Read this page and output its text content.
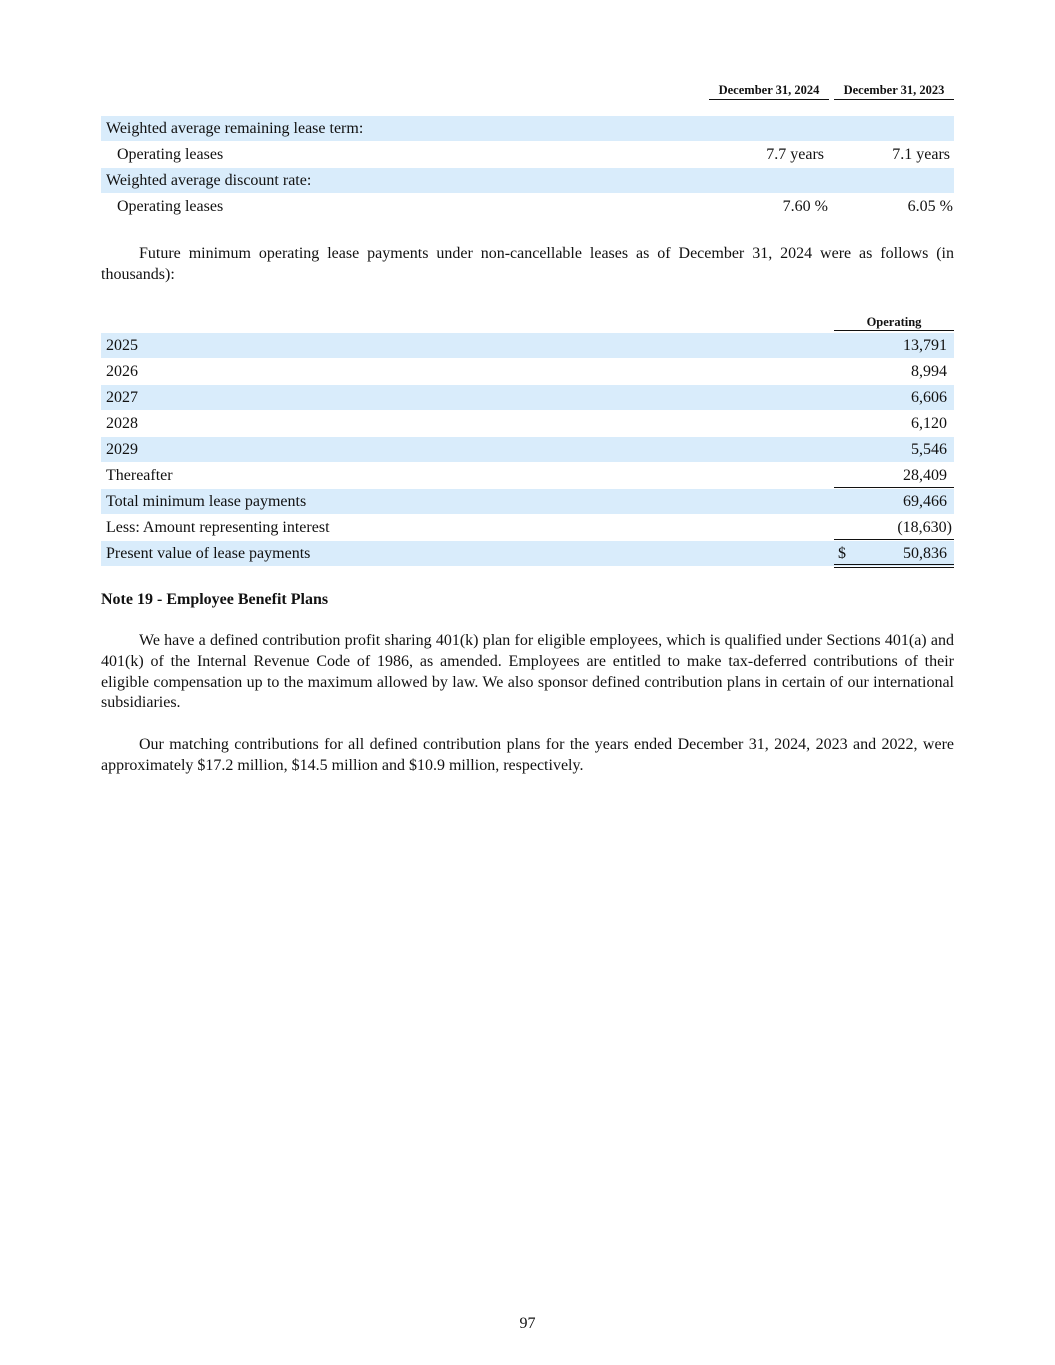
December 31, 2024	December 31, 2023
Weighted average remaining lease term:
Operating leases	7.7 years	7.1 years
Weighted average discount rate:
Operating leases	7.60 %	6.05 %
Future minimum operating lease payments under non-cancellable leases as of December 31, 2024 were as follows (in thousands):
Operating
2025	13,791
2026	8,994
2027	6,606
2028	6,120
2029	5,546
Thereafter	28,409
Total minimum lease payments	69,466
Less: Amount representing interest	(18,630)
Present value of lease payments	$	50,836
Note 19 - Employee Benefit Plans
We have a defined contribution profit sharing 401(k) plan for eligible employees, which is qualified under Sections 401(a) and 401(k) of the Internal Revenue Code of 1986, as amended. Employees are entitled to make tax-deferred contributions of their eligible compensation up to the maximum allowed by law. We also sponsor defined contribution plans in certain of our international subsidiaries.
Our matching contributions for all defined contribution plans for the years ended December 31, 2024, 2023 and 2022, were approximately $17.2 million, $14.5 million and $10.9 million, respectively.
97
